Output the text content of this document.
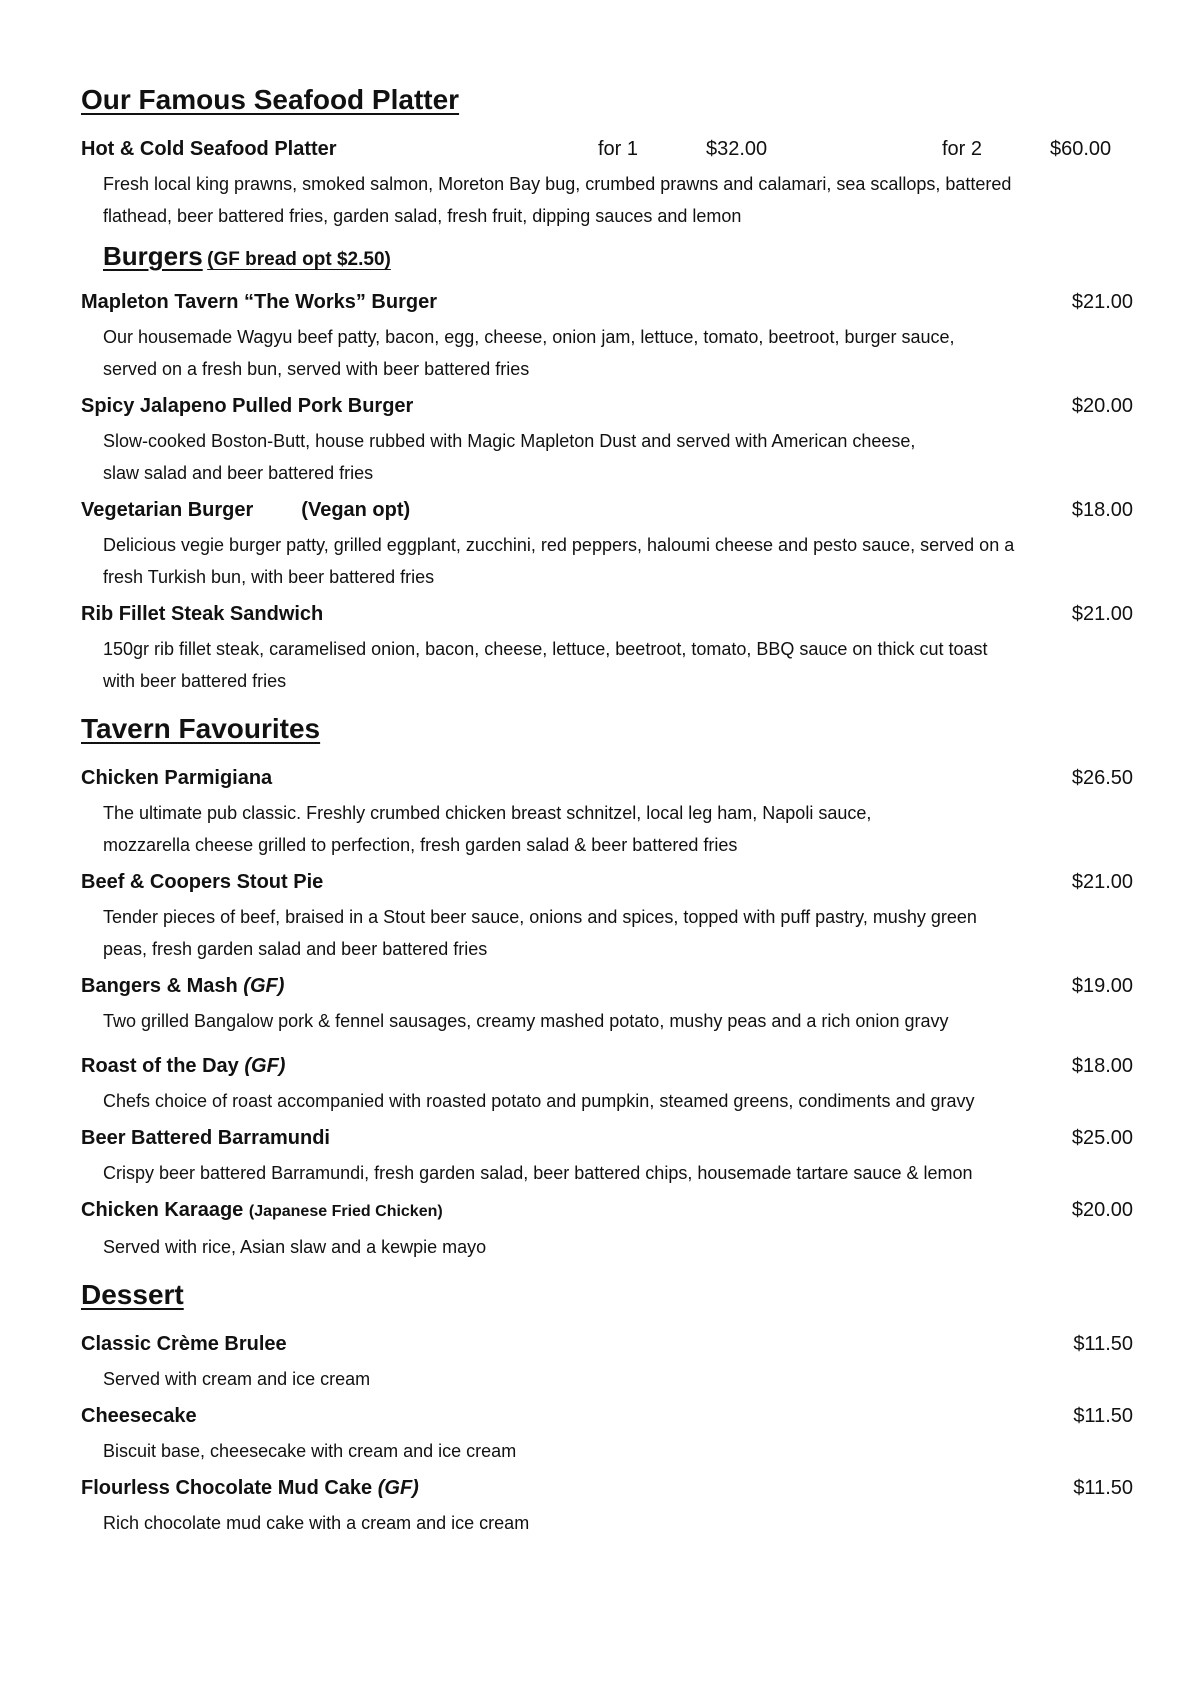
Our Famous Seafood Platter
Hot & Cold Seafood Platter	for 1	$32.00	for 2	$60.00
Fresh local king prawns, smoked salmon, Moreton Bay bug, crumbed prawns and calamari, sea scallops, battered
flathead, beer battered fries, garden salad, fresh fruit, dipping sauces and lemon
Burgers (GF bread opt $2.50)
Mapleton Tavern “The Works” Burger	$21.00
Our housemade Wagyu beef patty, bacon, egg, cheese, onion jam, lettuce, tomato, beetroot, burger sauce,
served on a fresh bun, served with beer battered fries
Spicy Jalapeno Pulled Pork Burger	$20.00
Slow-cooked Boston-Butt, house rubbed with Magic Mapleton Dust and served with American cheese,
slaw salad and beer battered fries
Vegetarian Burger (Vegan opt)	$18.00
Delicious vegie burger patty, grilled eggplant, zucchini, red peppers, haloumi cheese and pesto sauce, served on a
fresh Turkish bun, with beer battered fries
Rib Fillet Steak Sandwich	$21.00
150gr rib fillet steak, caramelised onion, bacon, cheese, lettuce, beetroot, tomato, BBQ sauce on thick cut toast
with beer battered fries
Tavern Favourites
Chicken Parmigiana	$26.50
The ultimate pub classic. Freshly crumbed chicken breast schnitzel, local leg ham, Napoli sauce,
mozzarella cheese grilled to perfection, fresh garden salad & beer battered fries
Beef & Coopers Stout Pie	$21.00
Tender pieces of beef, braised in a Stout beer sauce, onions and spices, topped with puff pastry, mushy green
peas, fresh garden salad and beer battered fries
Bangers & Mash (GF)	$19.00
Two grilled Bangalow pork & fennel sausages, creamy mashed potato, mushy peas and a rich onion gravy
Roast of the Day (GF)	$18.00
Chefs choice of roast accompanied with roasted potato and pumpkin, steamed greens, condiments and gravy
Beer Battered Barramundi	$25.00
Crispy beer battered Barramundi, fresh garden salad, beer battered chips, housemade tartare sauce & lemon
Chicken Karaage (Japanese Fried Chicken)	$20.00
Served with rice, Asian slaw and a kewpie mayo
Dessert
Classic Crème Brulee	$11.50
Served with cream and ice cream
Cheesecake	$11.50
Biscuit base, cheesecake with cream and ice cream
Flourless Chocolate Mud Cake (GF)	$11.50
Rich chocolate mud cake with a cream and ice cream
